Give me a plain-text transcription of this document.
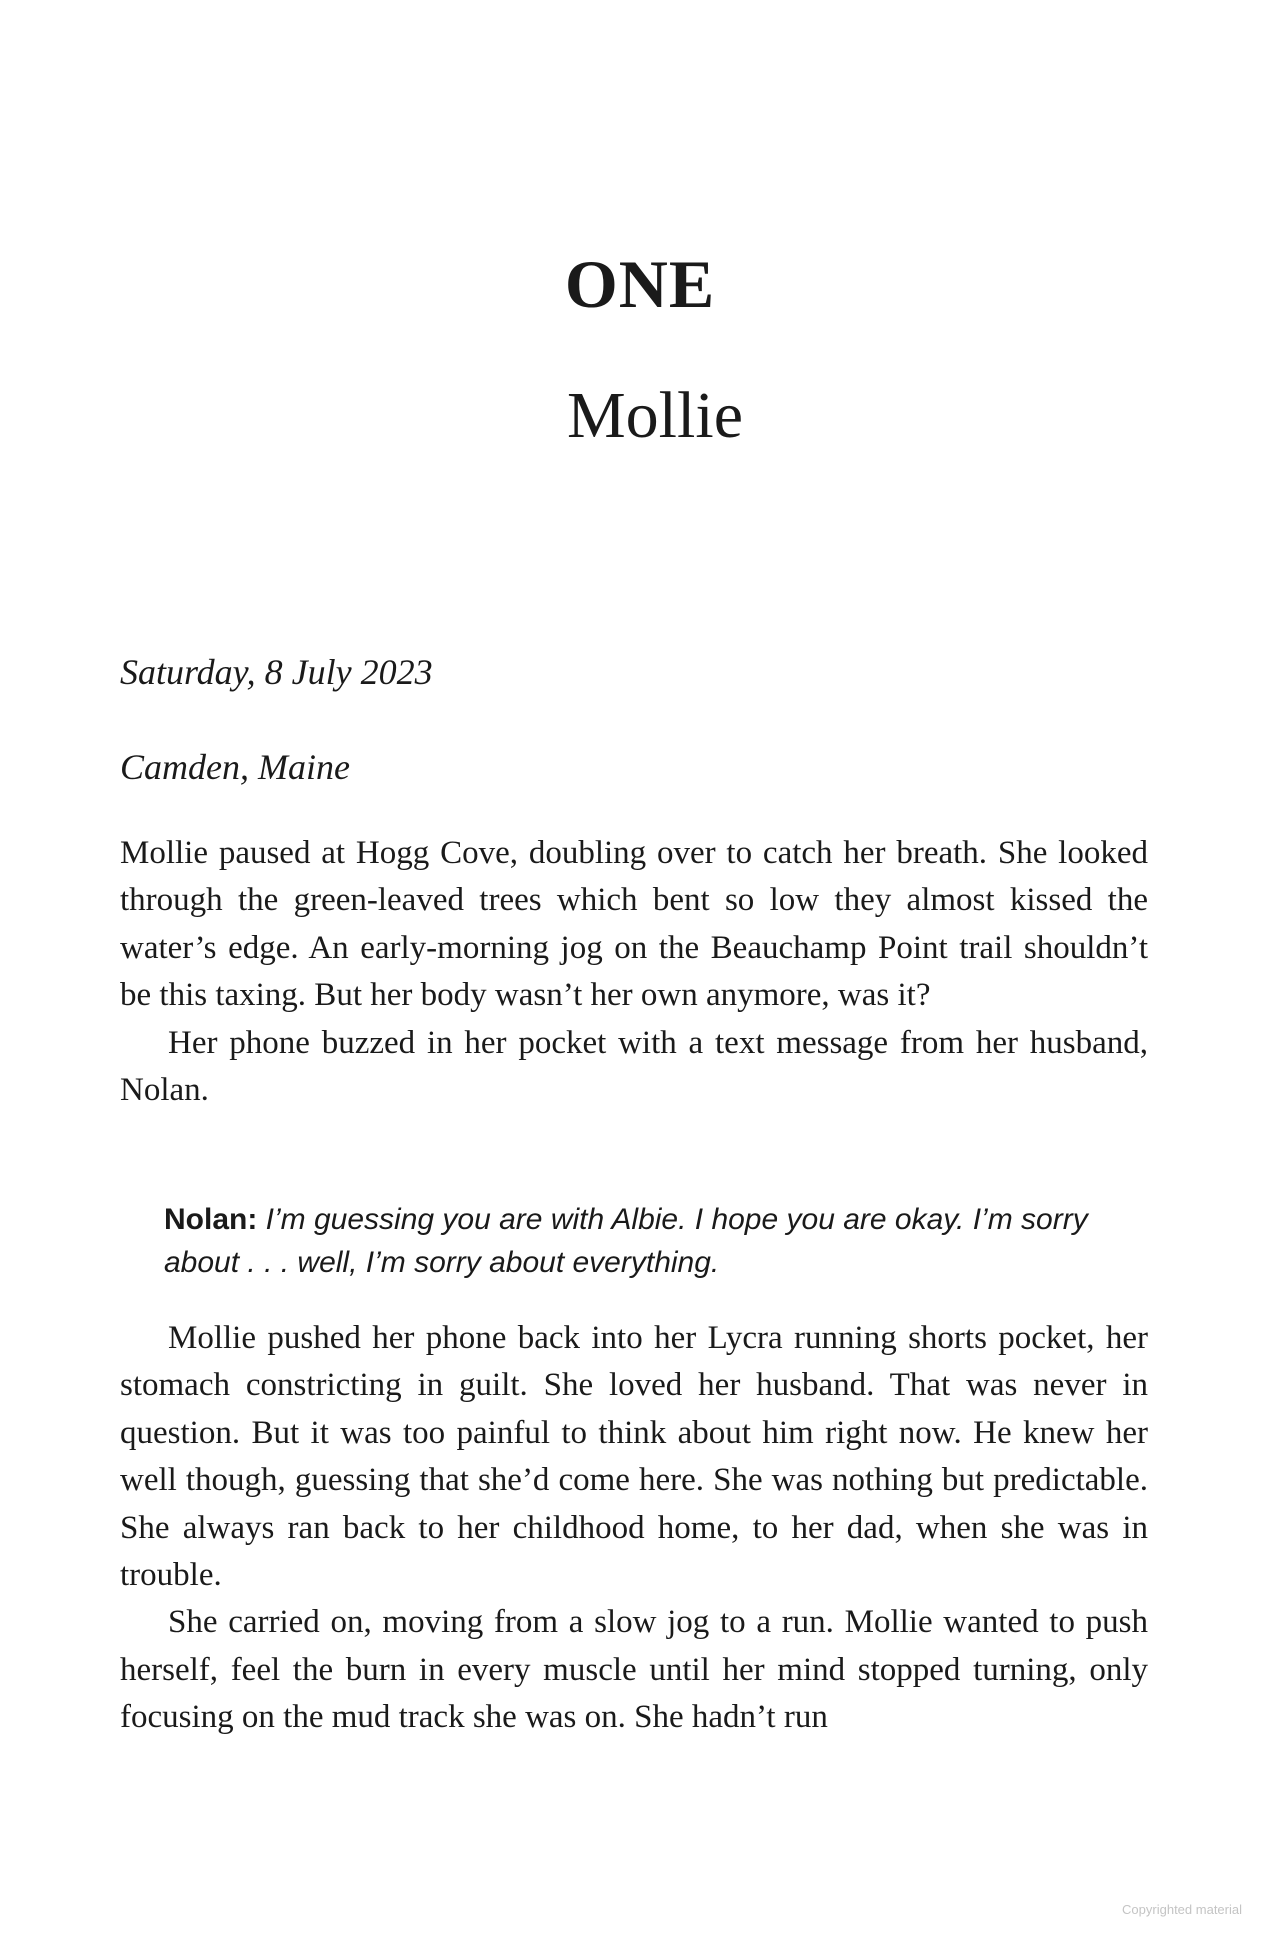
ONE
Mollie
Saturday, 8 July 2023
Camden, Maine

Mollie paused at Hogg Cove, doubling over to catch her breath. She looked through the green-leaved trees which bent so low they almost kissed the water’s edge. An early-morning jog on the Beauchamp Point trail shouldn’t be this taxing. But her body wasn’t her own anymore, was it?

Her phone buzzed in her pocket with a text message from her husband, Nolan.

Nolan: I’m guessing you are with Albie. I hope you are okay. I’m sorry about . . . well, I’m sorry about everything.

Mollie pushed her phone back into her Lycra running shorts pocket, her stomach constricting in guilt. She loved her husband. That was never in question. But it was too painful to think about him right now. He knew her well though, guessing that she’d come here. She was nothing but predictable. She always ran back to her childhood home, to her dad, when she was in trouble.

She carried on, moving from a slow jog to a run. Mollie wanted to push herself, feel the burn in every muscle until her mind stopped turning, only focusing on the mud track she was on. She hadn’t run

Copyrighted material
